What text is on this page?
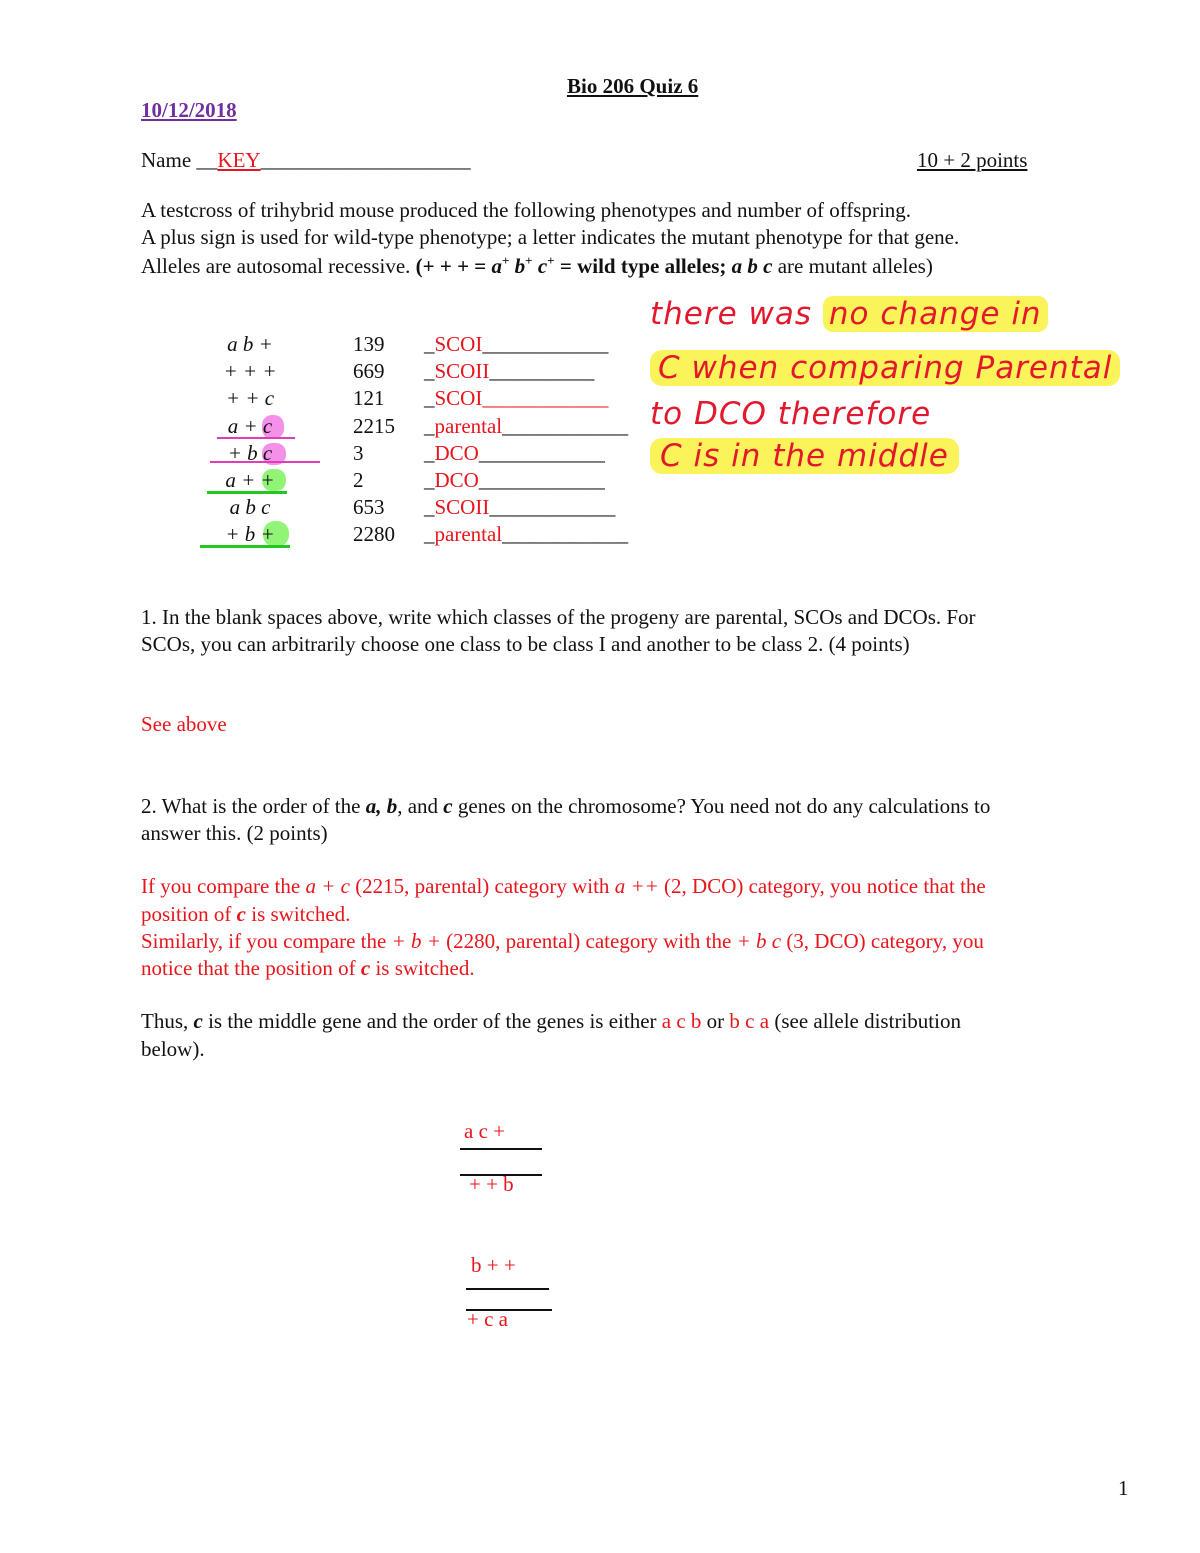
Bio 206 Quiz 6
10/12/2018
Name __KEY____________________	10 + 2 points
A testcross of trihybrid mouse produced the following phenotypes and number of offspring.
A plus sign is used for wild-type phenotype; a letter indicates the mutant phenotype for that gene.
Alleles are autosomal recessive. (+ + + = a+ b+ c+ = wild type alleles; a b c are mutant alleles)
a b +	139 _SCOI____________
+ + +	669 _SCOII__________
+ + c	121 _SCOI____________
a + c	2215 _parental____________
+ b c	3	_DCO____________
a + +	2	_DCO____________
a b c	653 _SCOII____________
+ b +	2280 _parental____________
there was no change in
C when comparing Parental
to DCO therefore
C is in the middle
1. In the blank spaces above, write which classes of the progeny are parental, SCOs and DCOs. For
SCOs, you can arbitrarily choose one class to be class I and another to be class 2. (4 points)
See above
2. What is the order of the a, b, and c genes on the chromosome? You need not do any calculations to
answer this. (2 points)
If you compare the a + c (2215, parental) category with a ++ (2, DCO) category, you notice that the
position of c is switched.
Similarly, if you compare the + b + (2280, parental) category with the + b c (3, DCO) category, you
notice that the position of c is switched.
Thus, c is the middle gene and the order of the genes is either a c b or b c a (see allele distribution
below).
a c +
+ + b
b + +
+ c a
1
